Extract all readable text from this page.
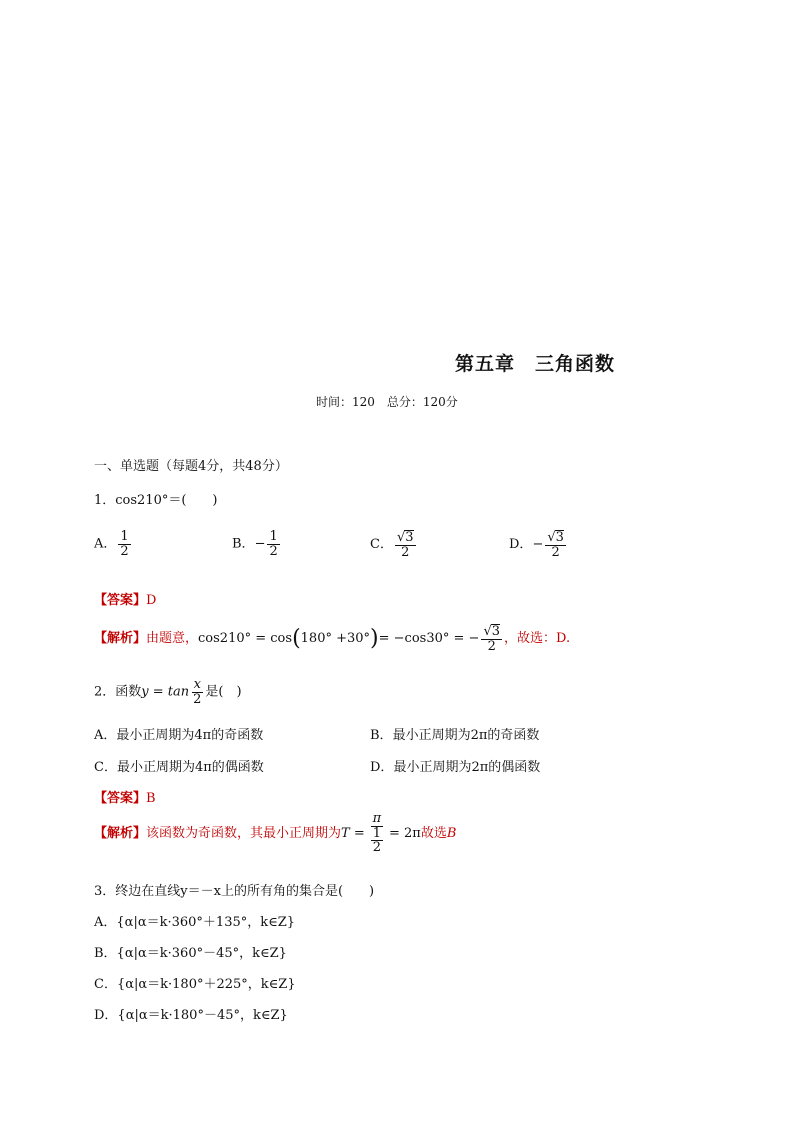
第五章　三角函数
时间：120　总分：120分
一、单选题（每题4分，共48分）
1．cos210°＝(　　)
A． $\frac{1}{2}$	B．− $\frac{1}{2}$	C． $\frac{√3}{2}$	D．− $\frac{√3}{2}$
【答案】D
【解析】由题意，cos210° = cos(180° +30°)= −cos30° = − $\frac{√3}{2}$ ，故选：D.
2．函数$y = \tan \frac{x}{2}$ 是(　)
A．最小正周期为4π的奇函数	B．最小正周期为2π的奇函数
C．最小正周期为4π的偶函数	D．最小正周期为2π的偶函数
【答案】B
【解析】该函数为奇函数，其最小正周期为$T = \frac{\pi}{\frac{1}{2}} = 2\pi$故选B
3．终边在直线y＝－x上的所有角的集合是(　　)
A．{α|α＝k·360°＋135°，k∈Z}
B．{α|α＝k·360°－45°，k∈Z}
C．{α|α＝k·180°＋225°，k∈Z}
D．{α|α＝k·180°－45°，k∈Z}
